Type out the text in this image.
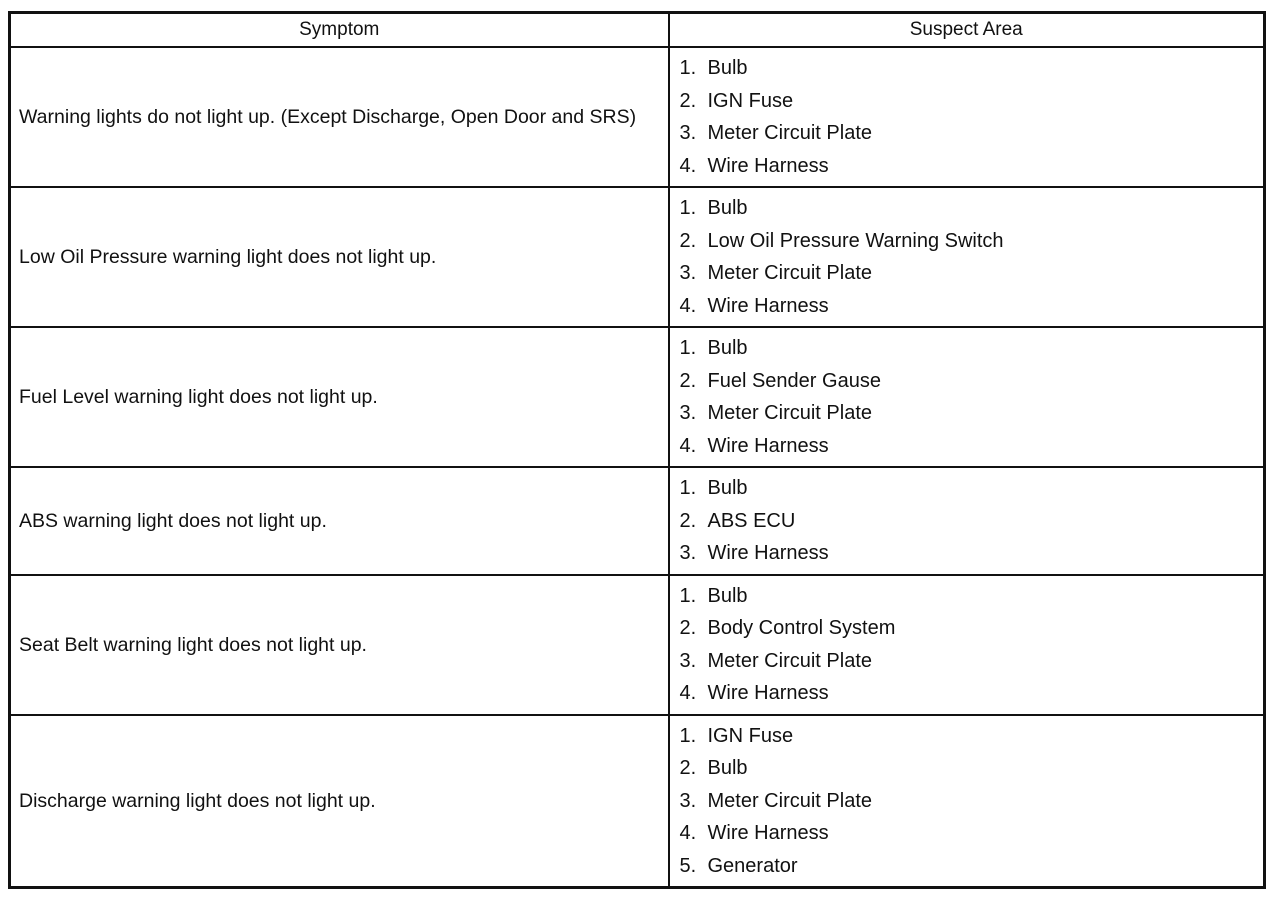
Symptom	Suspect Area
Warning lights do not light up. (Except Discharge, Open Door and SRS)	1. Bulb
2. IGN Fuse
3. Meter Circuit Plate
4. Wire Harness

Low Oil Pressure warning light does not light up.	1. Bulb
2. Low Oil Pressure Warning Switch
3. Meter Circuit Plate
4. Wire Harness

Fuel Level warning light does not light up.	1. Bulb
2. Fuel Sender Gause
3. Meter Circuit Plate
4. Wire Harness

ABS warning light does not light up.	1. Bulb
2. ABS ECU
3. Wire Harness

Seat Belt warning light does not light up.	1. Bulb
2. Body Control System
3. Meter Circuit Plate
4. Wire Harness

Discharge warning light does not light up.	1. IGN Fuse
2. Bulb
3. Meter Circuit Plate
4. Wire Harness
5. Generator
